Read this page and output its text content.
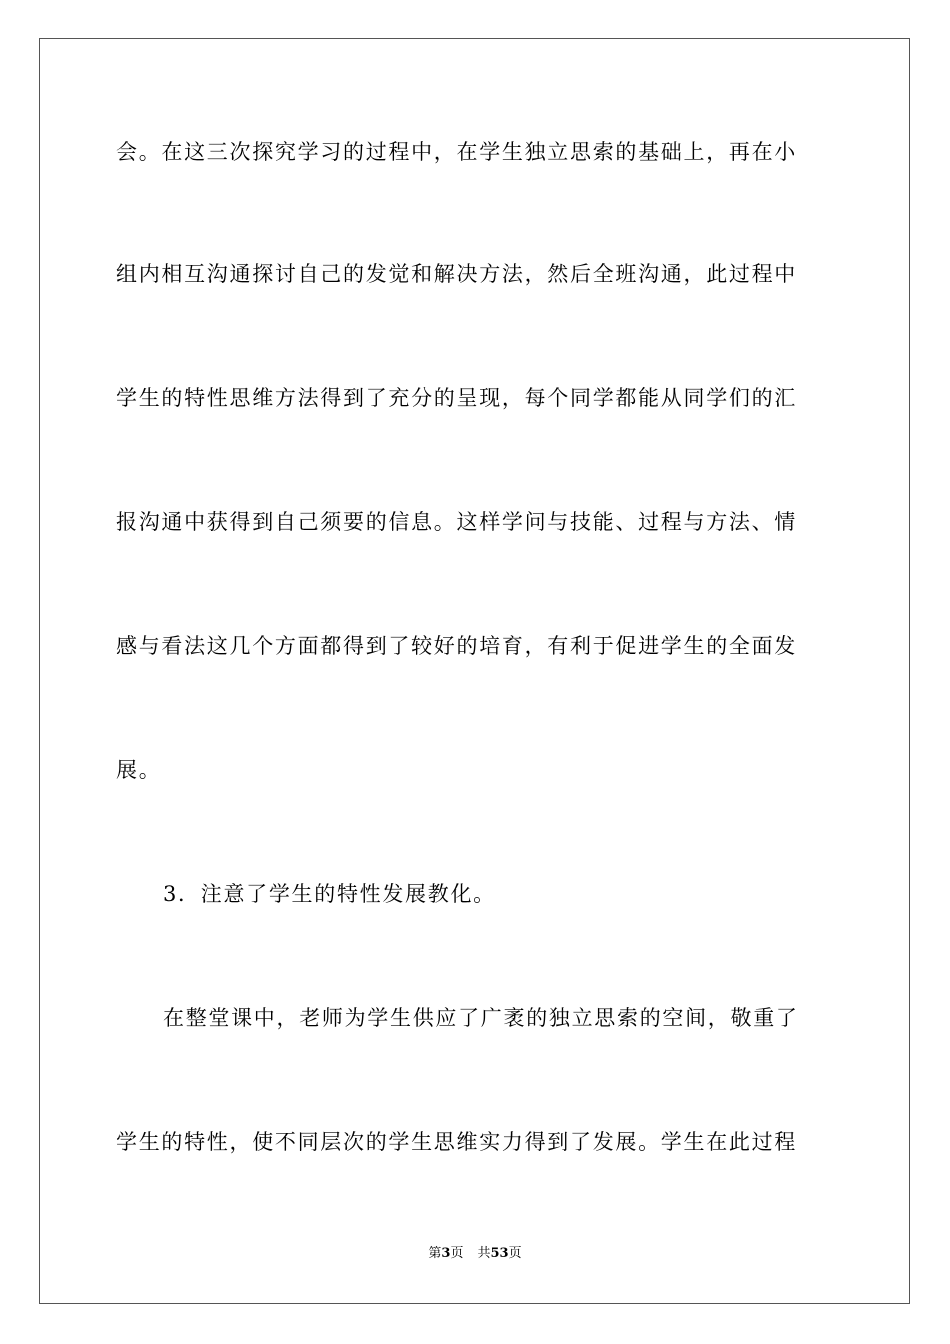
会。在这三次探究学习的过程中，在学生独立思索的基础上，再在小
组内相互沟通探讨自己的发觉和解决方法，然后全班沟通，此过程中
学生的特性思维方法得到了充分的呈现，每个同学都能从同学们的汇
报沟通中获得到自己须要的信息。这样学问与技能、过程与方法、情
感与看法这几个方面都得到了较好的培育，有利于促进学生的全面发
展。
3．注意了学生的特性发展教化。
在整堂课中，老师为学生供应了广袤的独立思索的空间，敬重了
学生的特性，使不同层次的学生思维实力得到了发展。学生在此过程
第3页 共53页
